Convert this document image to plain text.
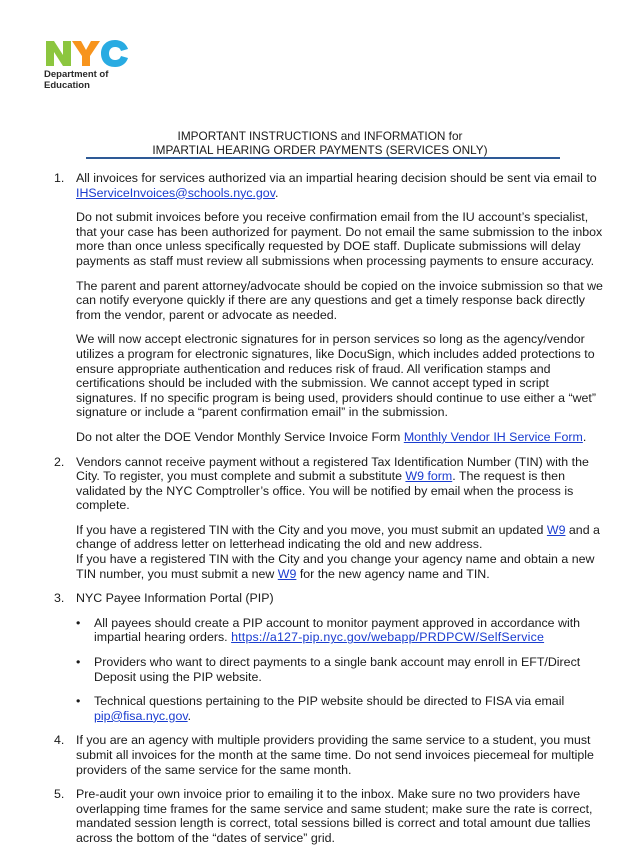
Department of
Education
IMPORTANT INSTRUCTIONS and INFORMATION for
IMPARTIAL HEARING ORDER PAYMENTS (SERVICES ONLY)
1. All invoices for services authorized via an impartial hearing decision should be sent via email to IHServiceInvoices@schools.nyc.gov.

Do not submit invoices before you receive confirmation email from the IU account’s specialist, that your case has been authorized for payment. Do not email the same submission to the inbox more than once unless specifically requested by DOE staff. Duplicate submissions will delay payments as staff must review all submissions when processing payments to ensure accuracy.

The parent and parent attorney/advocate should be copied on the invoice submission so that we can notify everyone quickly if there are any questions and get a timely response back directly from the vendor, parent or advocate as needed.

We will now accept electronic signatures for in person services so long as the agency/vendor utilizes a program for electronic signatures, like DocuSign, which includes added protections to ensure appropriate authentication and reduces risk of fraud. All verification stamps and certifications should be included with the submission. We cannot accept typed in script signatures. If no specific program is being used, providers should continue to use either a “wet” signature or include a “parent confirmation email” in the submission.

Do not alter the DOE Vendor Monthly Service Invoice Form Monthly Vendor IH Service Form.

2. Vendors cannot receive payment without a registered Tax Identification Number (TIN) with the City. To register, you must complete and submit a substitute W9 form. The request is then validated by the NYC Comptroller’s office. You will be notified by email when the process is complete.

If you have a registered TIN with the City and you move, you must submit an updated W9 and a change of address letter on letterhead indicating the old and new address.
If you have a registered TIN with the City and you change your agency name and obtain a new TIN number, you must submit a new W9 for the new agency name and TIN.

3. NYC Payee Information Portal (PIP)

• All payees should create a PIP account to monitor payment approved in accordance with impartial hearing orders. https://a127-pip.nyc.gov/webapp/PRDPCW/SelfService
• Providers who want to direct payments to a single bank account may enroll in EFT/Direct Deposit using the PIP website.
• Technical questions pertaining to the PIP website should be directed to FISA via email pip@fisa.nyc.gov.
4. If you are an agency with multiple providers providing the same service to a student, you must submit all invoices for the month at the same time. Do not send invoices piecemeal for multiple providers of the same service for the same month.

5. Pre-audit your own invoice prior to emailing it to the inbox. Make sure no two providers have overlapping time frames for the same service and same student; make sure the rate is correct, mandated session length is correct, total sessions billed is correct and total amount due tallies across the bottom of the “dates of service” grid.
